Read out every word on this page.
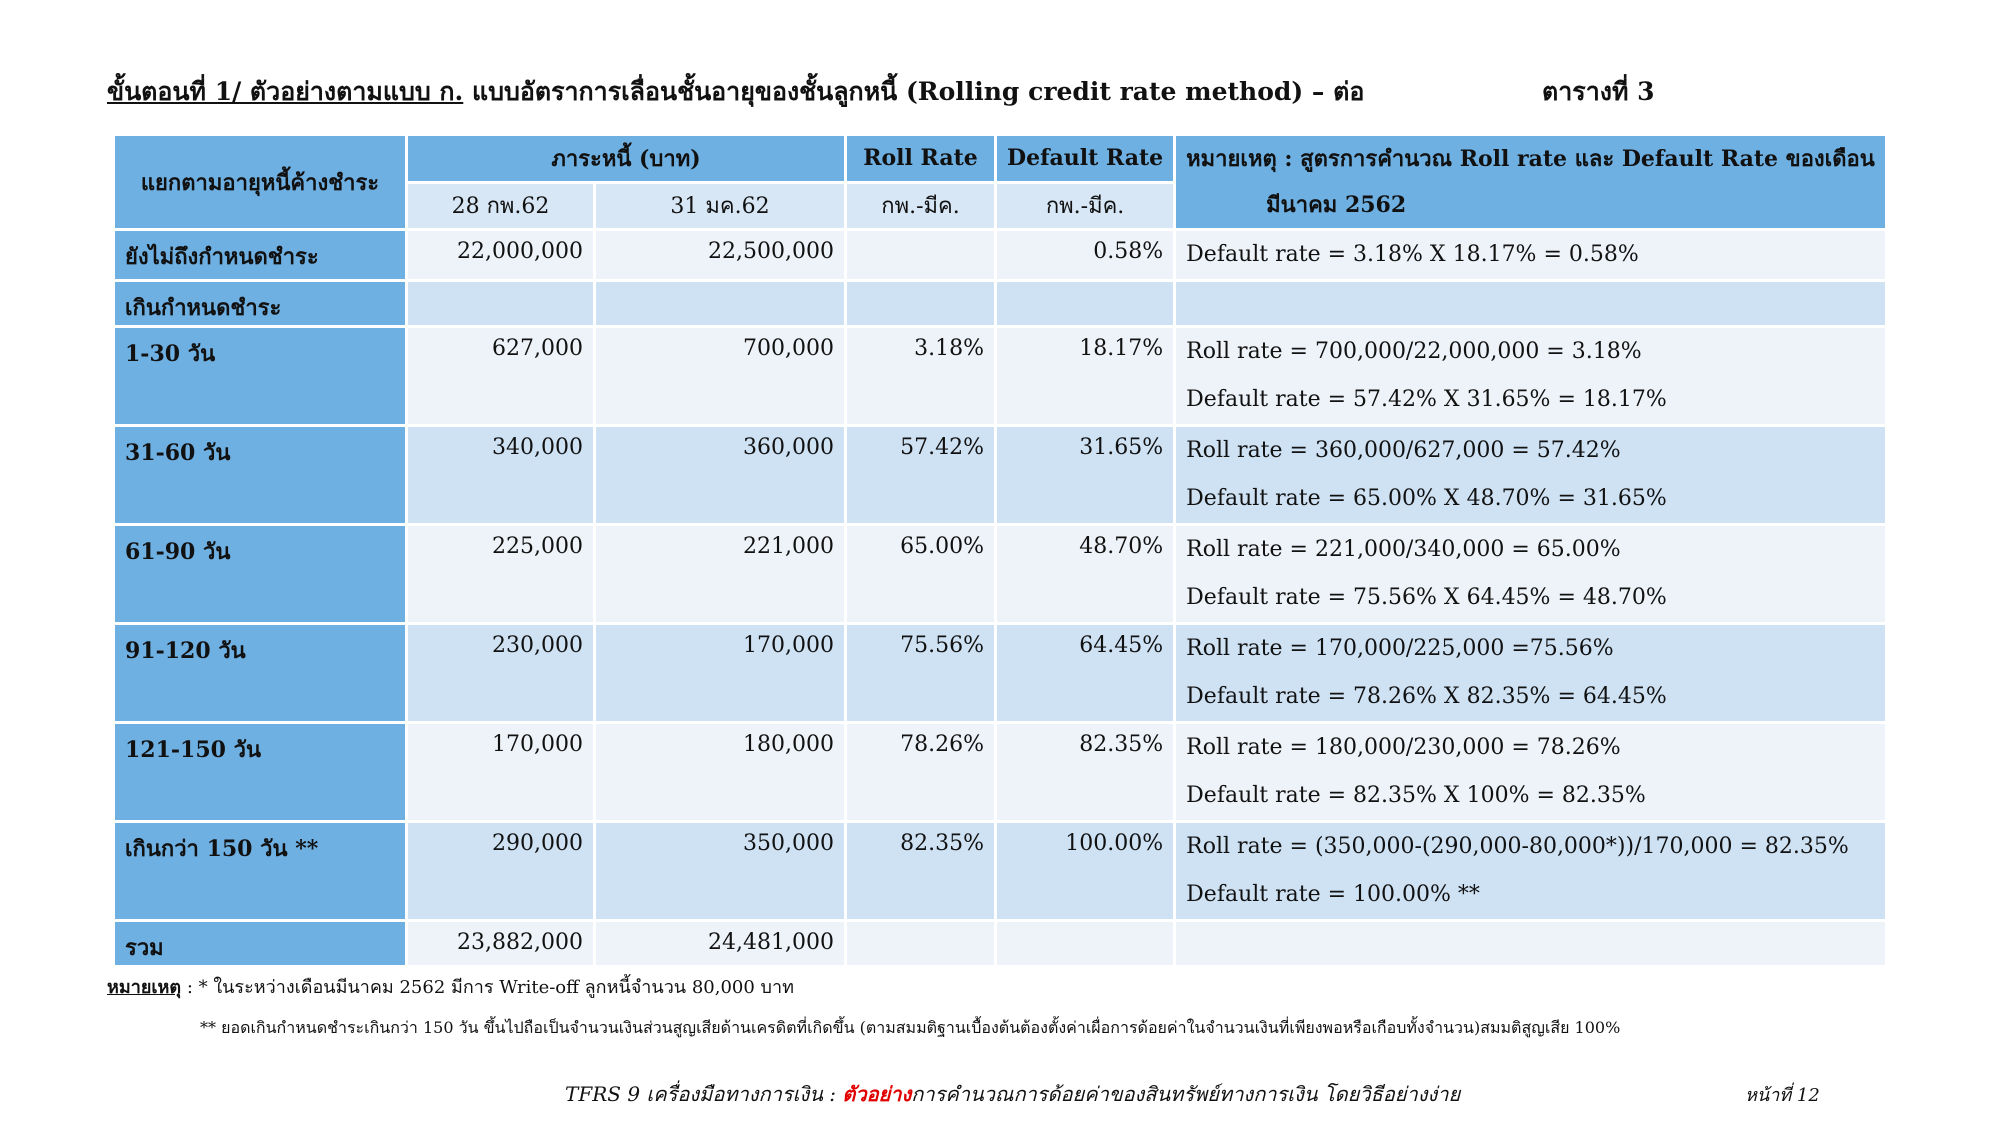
ขั้นตอนที่ 1/ ตัวอย่างตามแบบ ก. แบบอัตราการเลื่อนชั้นอายุของชั้นลูกหนี้ (Rolling credit rate method) – ต่อ	ตารางที่ 3
แยกตามอายุหนี้ค้างชำระ	ภาระหนี้ (บาท)		Roll Rate	Default Rate	หมายเหตุ : สูตรการคำนวณ Roll rate และ Default Rate ของเดือน
มีนาคม 2562

	28 กพ.62	31 มค.62	กพ.-มีค.	กพ.-มีค.	
ยังไม่ถึงกำหนดชำระ	22,000,000	22,500,000		0.58%	Default rate = 3.18% X 18.17% = 0.58%

เกินกำหนดชำระ					
1-30 วัน	627,000	700,000	3.18%	18.17%	Roll rate = 700,000/22,000,000 = 3.18%
Default rate = 57.42% X 31.65% = 18.17%

31-60 วัน	340,000	360,000	57.42%	31.65%	Roll rate = 360,000/627,000 = 57.42%
Default rate = 65.00% X 48.70% = 31.65%

61-90 วัน	225,000	221,000	65.00%	48.70%	Roll rate = 221,000/340,000 = 65.00%
Default rate = 75.56% X 64.45% = 48.70%

91-120 วัน	230,000	170,000	75.56%	64.45%	Roll rate = 170,000/225,000 =75.56%
Default rate = 78.26% X 82.35% = 64.45%

121-150 วัน	170,000	180,000	78.26%	82.35%	Roll rate = 180,000/230,000 = 78.26%
Default rate = 82.35% X 100% = 82.35%

เกินกว่า 150 วัน **	290,000	350,000	82.35%	100.00%	Roll rate = (350,000-(290,000-80,000*))/170,000 = 82.35%
Default rate = 100.00% **

รวม	23,882,000	24,481,000			
หมายเหตุ : * ในระหว่างเดือนมีนาคม 2562 มีการ Write-off ลูกหนี้จำนวน 80,000 บาท
** ยอดเกินกำหนดชำระเกินกว่า 150 วัน ขึ้นไปถือเป็นจำนวนเงินส่วนสูญเสียด้านเครดิตที่เกิดขึ้น (ตามสมมติฐานเบื้องต้นต้องตั้งค่าเผื่อการด้อยค่าในจำนวนเงินที่เพียงพอหรือเกือบทั้งจำนวน)สมมติสูญเสีย 100%
TFRS 9 เครื่องมือทางการเงิน : ตัวอย่างการคำนวณการด้อยค่าของสินทรัพย์ทางการเงิน โดยวิธีอย่างง่าย	หน้าที่ 12
